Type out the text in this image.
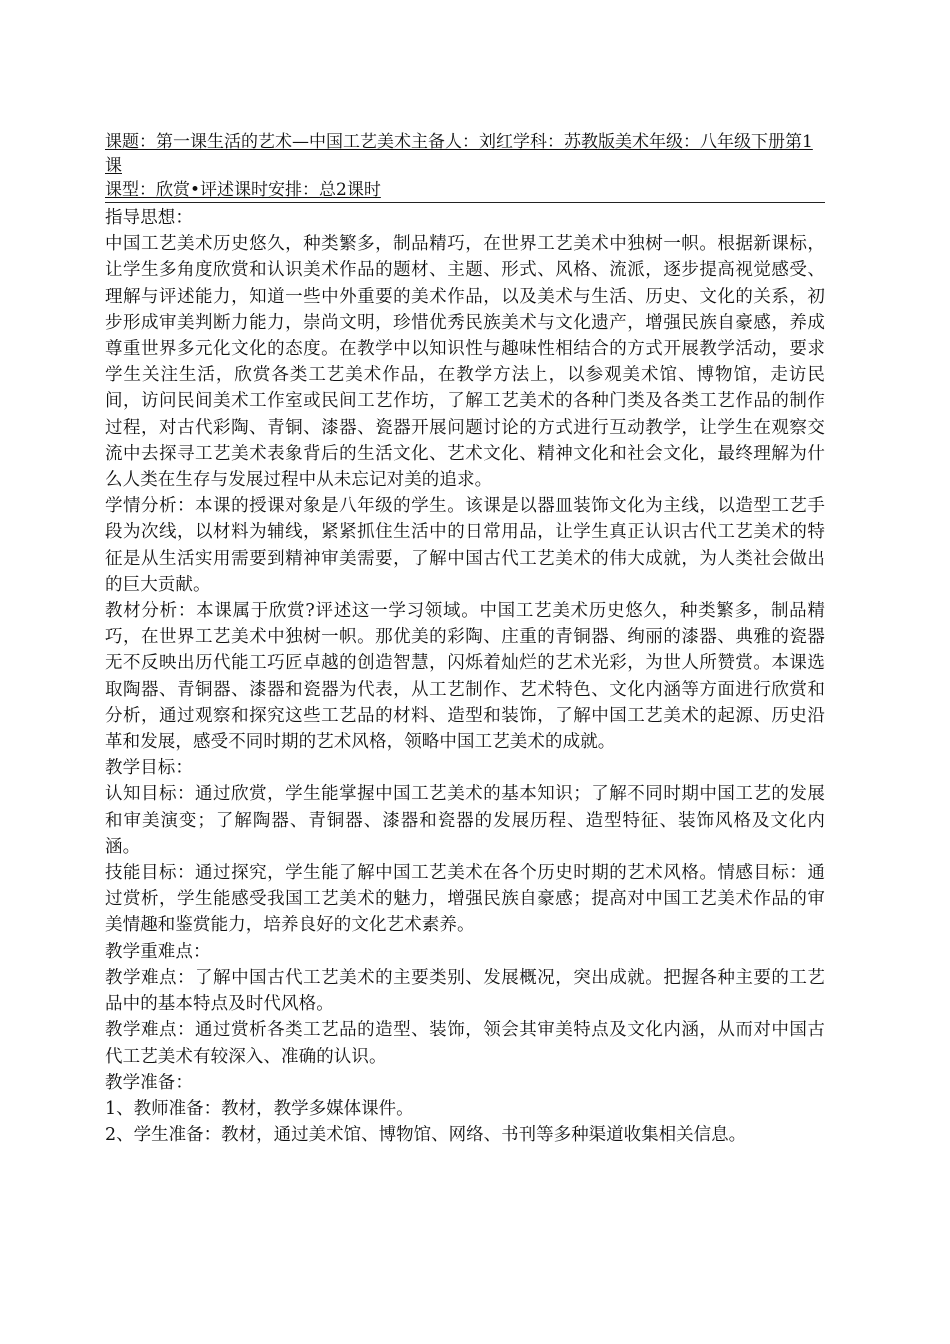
课题：第一课生活的艺术—中国工艺美术主备人：刘红学科：苏教版美术年级：八年级下册第1课

课型：欣赏•评述课时安排：总2课时

指导思想：

中国工艺美术历史悠久，种类繁多，制品精巧，在世界工艺美术中独树一帜。根据新课标，让学生多角度欣赏和认识美术作品的题材、主题、形式、风格、流派，逐步提高视觉感受、理解与评述能力，知道一些中外重要的美术作品，以及美术与生活、历史、文化的关系，初步形成审美判断力能力，崇尚文明，珍惜优秀民族美术与文化遗产，增强民族自豪感，养成尊重世界多元化文化的态度。在教学中以知识性与趣味性相结合的方式开展教学活动，要求学生关注生活，欣赏各类工艺美术作品，在教学方法上，以参观美术馆、博物馆，走访民间，访问民间美术工作室或民间工艺作坊，了解工艺美术的各种门类及各类工艺作品的制作过程，对古代彩陶、青铜、漆器、瓷器开展问题讨论的方式进行互动教学，让学生在观察交流中去探寻工艺美术表象背后的生活文化、艺术文化、精神文化和社会文化，最终理解为什么人类在生存与发展过程中从未忘记对美的追求。

学情分析：本课的授课对象是八年级的学生。该课是以器皿装饰文化为主线，以造型工艺手段为次线，以材料为辅线，紧紧抓住生活中的日常用品，让学生真正认识古代工艺美术的特征是从生活实用需要到精神审美需要，了解中国古代工艺美术的伟大成就，为人类社会做出的巨大贡献。

教材分析：本课属于欣赏?评述这一学习领域。中国工艺美术历史悠久，种类繁多，制品精巧，在世界工艺美术中独树一帜。那优美的彩陶、庄重的青铜器、绚丽的漆器、典雅的瓷器无不反映出历代能工巧匠卓越的创造智慧，闪烁着灿烂的艺术光彩，为世人所赞赏。本课选取陶器、青铜器、漆器和瓷器为代表，从工艺制作、艺术特色、文化内涵等方面进行欣赏和分析，通过观察和探究这些工艺品的材料、造型和装饰，了解中国工艺美术的起源、历史沿革和发展，感受不同时期的艺术风格，领略中国工艺美术的成就。

教学目标：

认知目标：通过欣赏，学生能掌握中国工艺美术的基本知识；了解不同时期中国工艺的发展和审美演变；了解陶器、青铜器、漆器和瓷器的发展历程、造型特征、装饰风格及文化内涵。

技能目标：通过探究，学生能了解中国工艺美术在各个历史时期的艺术风格。情感目标：通过赏析，学生能感受我国工艺美术的魅力，增强民族自豪感；提高对中国工艺美术作品的审美情趣和鉴赏能力，培养良好的文化艺术素养。

教学重难点：

教学难点：了解中国古代工艺美术的主要类别、发展概况，突出成就。把握各种主要的工艺品中的基本特点及时代风格。

教学难点：通过赏析各类工艺品的造型、装饰，领会其审美特点及文化内涵，从而对中国古代工艺美术有较深入、准确的认识。

教学准备：

1、教师准备：教材，教学多媒体课件。

2、学生准备：教材，通过美术馆、博物馆、网络、书刊等多种渠道收集相关信息。
